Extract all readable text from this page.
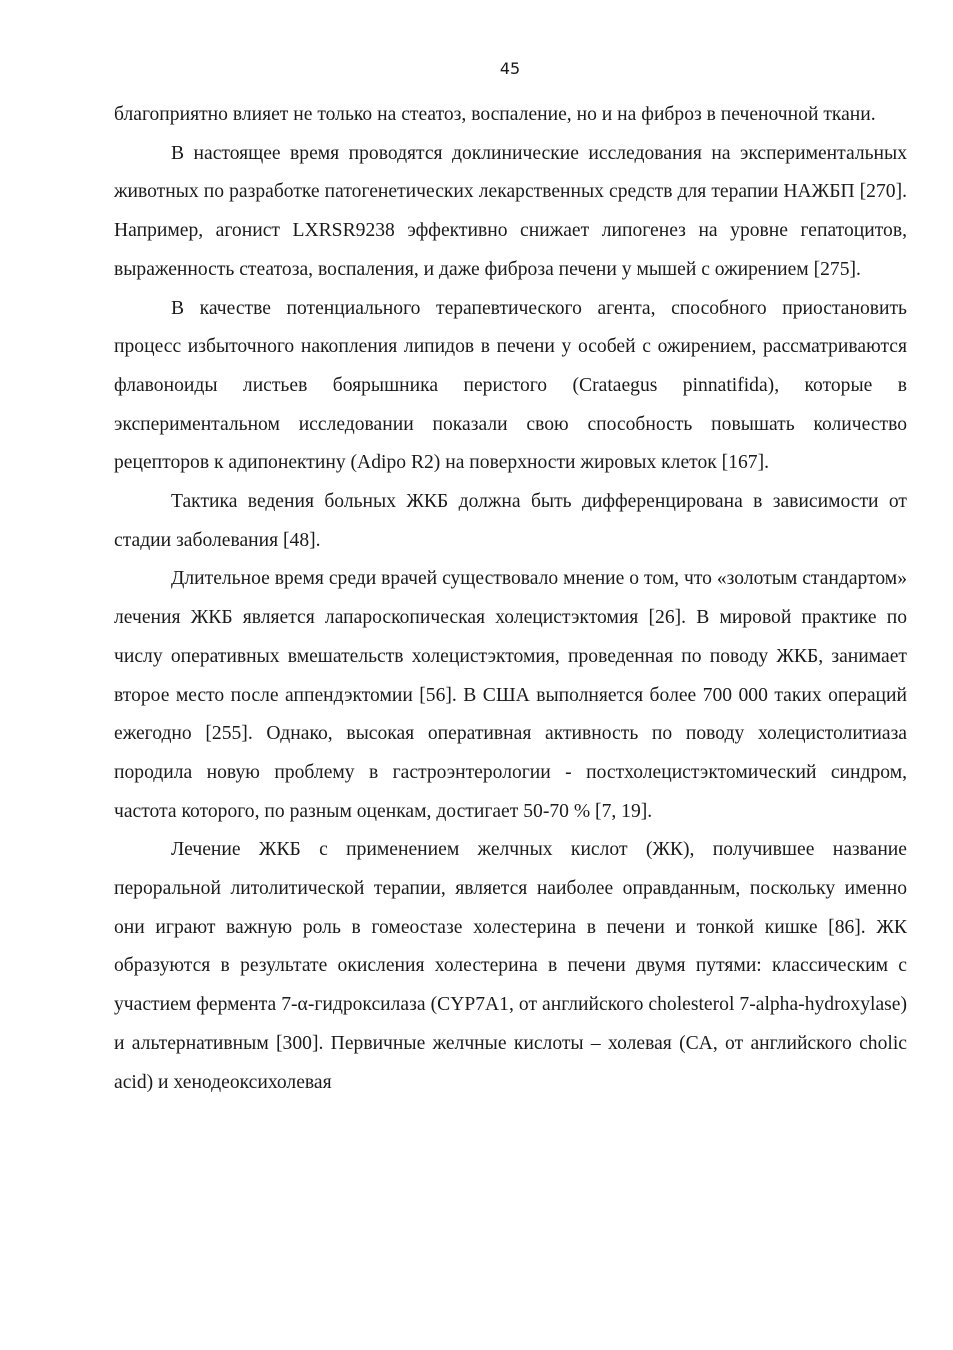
45

благоприятно влияет не только на стеатоз, воспаление, но и на фиброз в печеночной ткани.

В настоящее время проводятся доклинические исследования на экспериментальных животных по разработке патогенетических лекарственных средств для терапии НАЖБП [270]. Например, агонист LXRSR9238 эффективно снижает липогенез на уровне гепатоцитов, выраженность стеатоза, воспаления, и даже фиброза печени у мышей с ожирением [275].

В качестве потенциального терапевтического агента, способного приостановить процесс избыточного накопления липидов в печени у особей с ожирением, рассматриваются флавоноиды листьев боярышника перистого (Crataegus pinnatifida), которые в экспериментальном исследовании показали свою способность повышать количество рецепторов к адипонектину (Adipo R2) на поверхности жировых клеток [167].

Тактика ведения больных ЖКБ должна быть дифференцирована в зависимости от стадии заболевания [48].

Длительное время среди врачей существовало мнение о том, что «золотым стандартом» лечения ЖКБ является лапароскопическая холецистэктомия [26]. В мировой практике по числу оперативных вмешательств холецистэктомия, проведенная по поводу ЖКБ, занимает второе место после аппендэктомии [56]. В США выполняется более 700 000 таких операций ежегодно [255]. Однако, высокая оперативная активность по поводу холецистолитиаза породила новую проблему в гастроэнтерологии - постхолецистэктомический синдром, частота которого, по разным оценкам, достигает 50-70 % [7, 19].

Лечение ЖКБ с применением желчных кислот (ЖК), получившее название пероральной литолитической терапии, является наиболее оправданным, поскольку именно они играют важную роль в гомеостазе холестерина в печени и тонкой кишке [86]. ЖК образуются в результате окисления холестерина в печени двумя путями: классическим с участием фермента 7-α-гидроксилаза (CYP7A1, от английского cholesterol 7-alpha-hydroxylase) и альтернативным [300]. Первичные желчные кислоты – холевая (CA, от английского cholic acid) и хенодеоксихолевая
